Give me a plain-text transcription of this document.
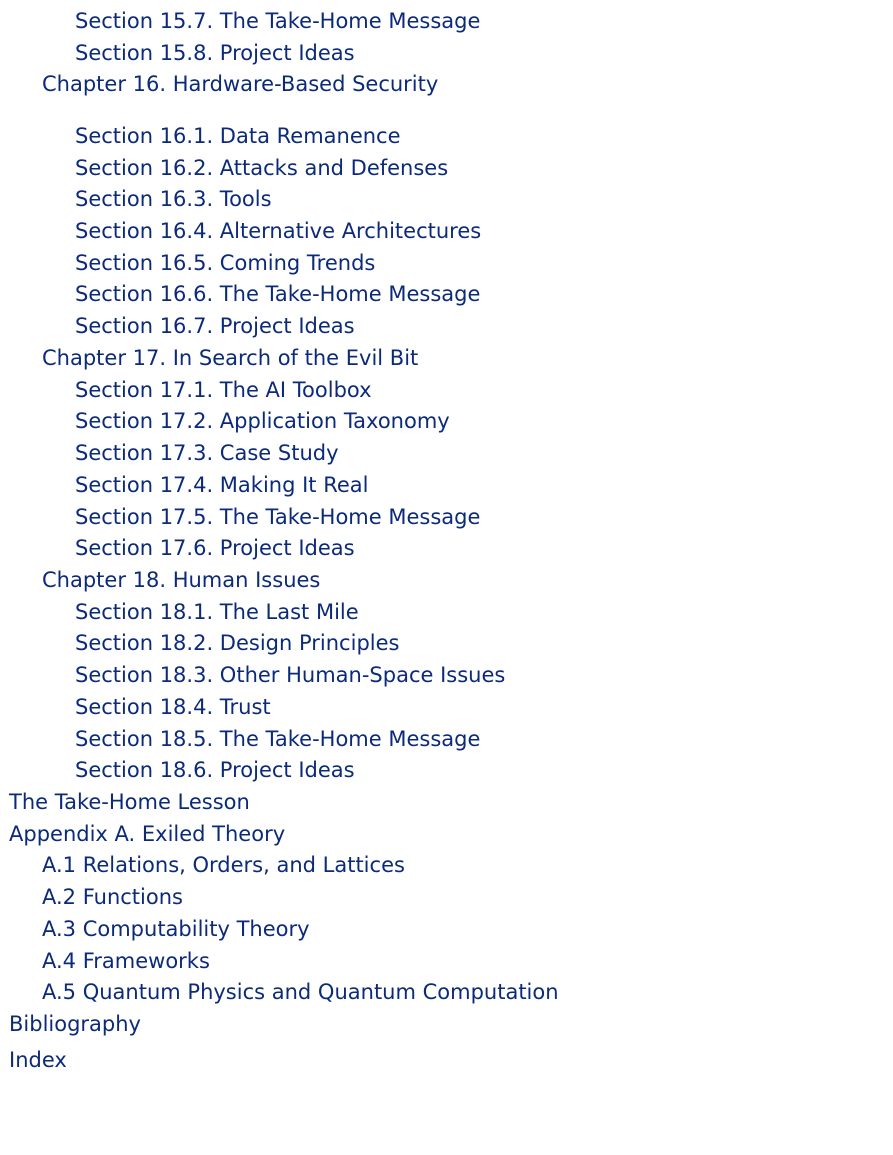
Section 15.7. The Take-Home Message
Section 15.8. Project Ideas
Chapter 16. Hardware-Based Security
Section 16.1. Data Remanence
Section 16.2. Attacks and Defenses
Section 16.3. Tools
Section 16.4. Alternative Architectures
Section 16.5. Coming Trends
Section 16.6. The Take-Home Message
Section 16.7. Project Ideas
Chapter 17. In Search of the Evil Bit
Section 17.1. The AI Toolbox
Section 17.2. Application Taxonomy
Section 17.3. Case Study
Section 17.4. Making It Real
Section 17.5. The Take-Home Message
Section 17.6. Project Ideas
Chapter 18. Human Issues
Section 18.1. The Last Mile
Section 18.2. Design Principles
Section 18.3. Other Human-Space Issues
Section 18.4. Trust
Section 18.5. The Take-Home Message
Section 18.6. Project Ideas
The Take-Home Lesson
Appendix A. Exiled Theory
A.1 Relations, Orders, and Lattices
A.2 Functions
A.3 Computability Theory
A.4 Frameworks
A.5 Quantum Physics and Quantum Computation
Bibliography
Index
